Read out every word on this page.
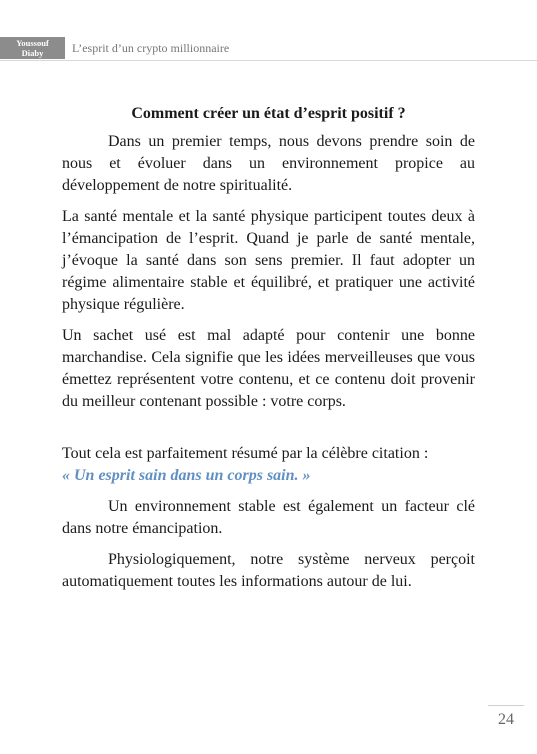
Youssouf
Diaby	L’esprit d’un crypto millionnaire

Comment créer un état d’esprit positif ?

Dans un premier temps, nous devons prendre soin de nous et évoluer dans un environnement propice au développement de notre spiritualité.

La santé mentale et la santé physique participent toutes deux à l’émancipation de l’esprit. Quand je parle de santé mentale, j’évoque la santé dans son sens premier. Il faut adopter un régime alimentaire stable et équilibré, et pratiquer une activité physique régulière.

Un sachet usé est mal adapté pour contenir une bonne marchandise. Cela signifie que les idées merveilleuses que vous émettez représentent votre contenu, et ce contenu doit provenir du meilleur contenant possible : votre corps.

Tout cela est parfaitement résumé par la célèbre citation :

« Un esprit sain dans un corps sain. »

Un environnement stable est également un facteur clé dans notre émancipation.

Physiologiquement, notre système nerveux perçoit automatiquement toutes les informations autour de lui.

24
